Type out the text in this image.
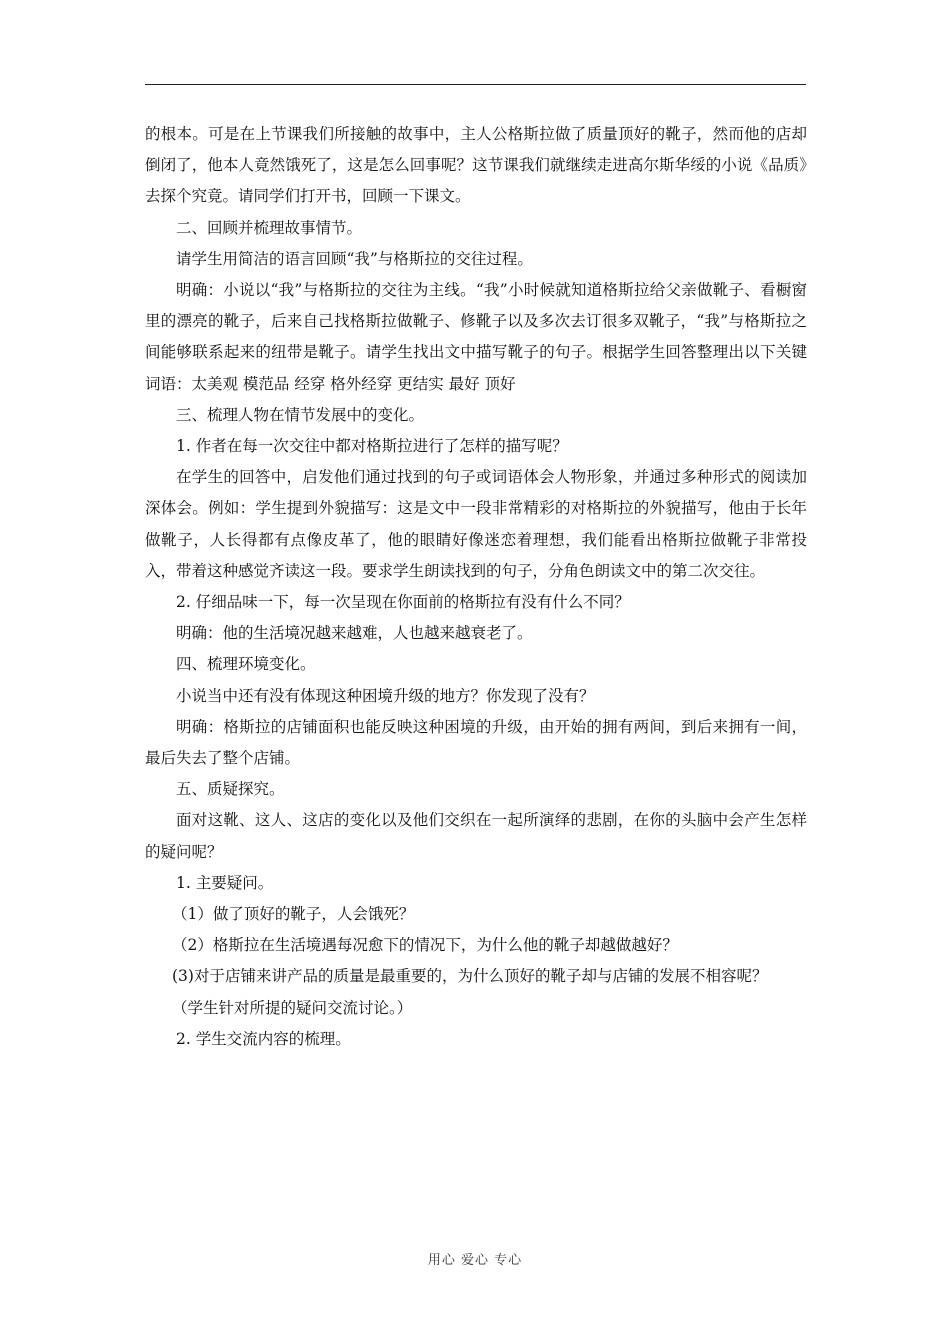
的根本。可是在上节课我们所接触的故事中，主人公格斯拉做了质量顶好的靴子，然而他的店却倒闭了，他本人竟然饿死了，这是怎么回事呢？这节课我们就继续走进高尔斯华绥的小说《品质》去探个究竟。请同学们打开书，回顾一下课文。

二、回顾并梳理故事情节。

请学生用简洁的语言回顾“我”与格斯拉的交往过程。

明确：小说以“我”与格斯拉的交往为主线。“我”小时候就知道格斯拉给父亲做靴子、看橱窗里的漂亮的靴子，后来自己找格斯拉做靴子、修靴子以及多次去订很多双靴子，“我”与格斯拉之间能够联系起来的纽带是靴子。请学生找出文中描写靴子的句子。根据学生回答整理出以下关键词语：太美观 模范品 经穿 格外经穿 更结实 最好 顶好

三、梳理人物在情节发展中的变化。

1. 作者在每一次交往中都对格斯拉进行了怎样的描写呢？

在学生的回答中，启发他们通过找到的句子或词语体会人物形象，并通过多种形式的阅读加深体会。例如：学生提到外貌描写：这是文中一段非常精彩的对格斯拉的外貌描写，他由于长年做靴子，人长得都有点像皮革了，他的眼睛好像迷恋着理想，我们能看出格斯拉做靴子非常投入，带着这种感觉齐读这一段。要求学生朗读找到的句子，分角色朗读文中的第二次交往。

2. 仔细品味一下，每一次呈现在你面前的格斯拉有没有什么不同？

明确：他的生活境况越来越难，人也越来越衰老了。

四、梳理环境变化。

小说当中还有没有体现这种困境升级的地方？你发现了没有？

明确：格斯拉的店铺面积也能反映这种困境的升级，由开始的拥有两间，到后来拥有一间，最后失去了整个店铺。

五、质疑探究。

面对这靴、这人、这店的变化以及他们交织在一起所演绎的悲剧，在你的头脑中会产生怎样的疑问呢？

1. 主要疑问。

（1）做了顶好的靴子，人会饿死？

（2）格斯拉在生活境遇每况愈下的情况下，为什么他的靴子却越做越好？

(3)对于店铺来讲产品的质量是最重要的，为什么顶好的靴子却与店铺的发展不相容呢？

（学生针对所提的疑问交流讨论。）

2. 学生交流内容的梳理。

用心 爱心 专心
